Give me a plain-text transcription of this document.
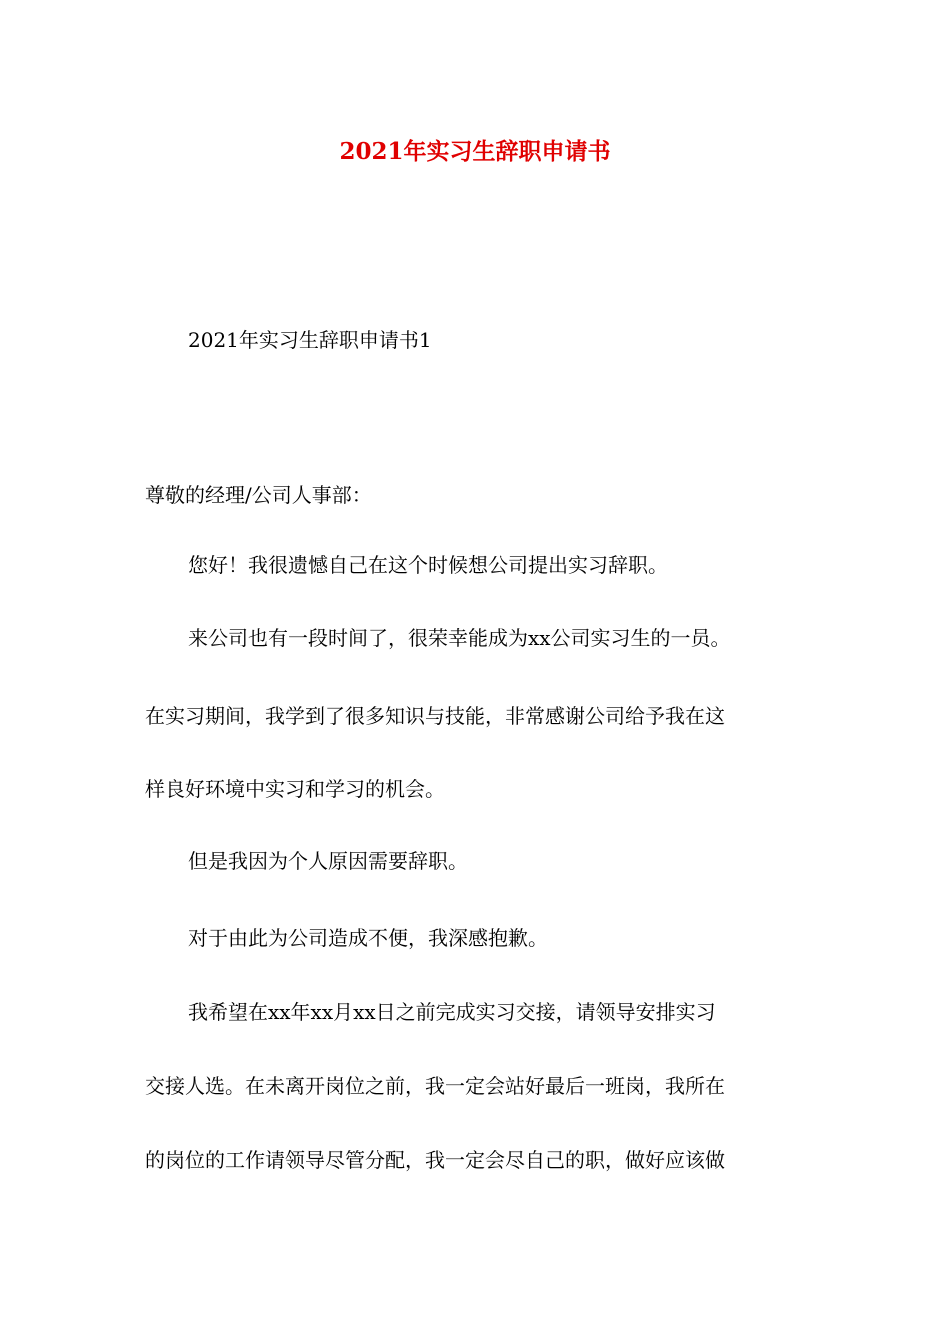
2021年实习生辞职申请书
2021年实习生辞职申请书1
尊敬的经理/公司人事部：
您好！我很遗憾自己在这个时候想公司提出实习辞职。
来公司也有一段时间了，很荣幸能成为xx公司实习生的一员。
在实习期间，我学到了很多知识与技能，非常感谢公司给予我在这
样良好环境中实习和学习的机会。
但是我因为个人原因需要辞职。
对于由此为公司造成不便，我深感抱歉。
我希望在xx年xx月xx日之前完成实习交接，请领导安排实习
交接人选。在未离开岗位之前，我一定会站好最后一班岗，我所在
的岗位的工作请领导尽管分配，我一定会尽自己的职，做好应该做
